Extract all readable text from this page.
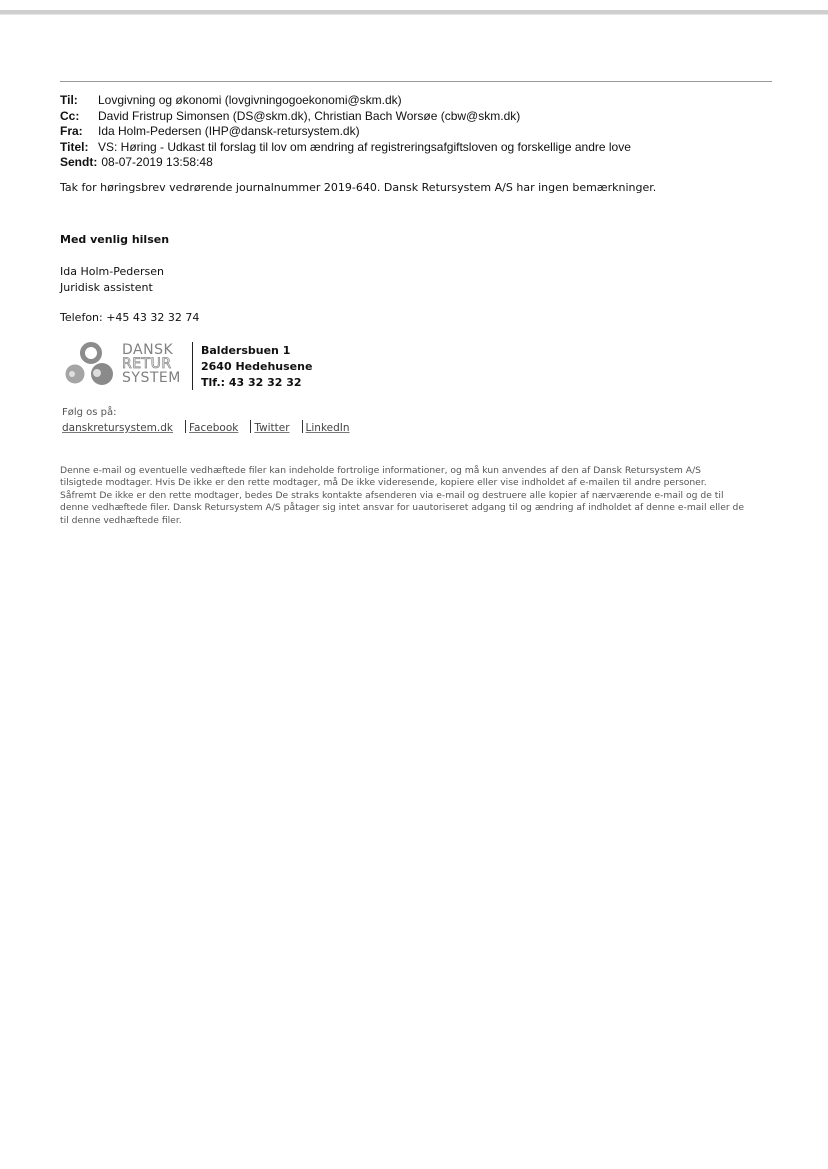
Til: Lovgivning og økonomi (lovgivningogoekonomi@skm.dk)
Cc: David Fristrup Simonsen (DS@skm.dk), Christian Bach Worsøe (cbw@skm.dk)
Fra: Ida Holm-Pedersen (IHP@dansk-retursystem.dk)
Titel: VS: Høring - Udkast til forslag til lov om ændring af registreringsafgiftsloven og forskellige andre love
Sendt: 08-07-2019 13:58:48
Tak for høringsbrev vedrørende journalnummer 2019-640. Dansk Retursystem A/S har ingen bemærkninger.
Med venlig hilsen
Ida Holm-Pedersen
Juridisk assistent
Telefon: +45 43 32 32 74
DANSK
RETUR
SYSTEM
Baldersbuen 1
2640 Hedehusene
Tlf.: 43 32 32 32
Følg os på:
danskretursystem.dk Facebook Twitter LinkedIn
Denne e-mail og eventuelle vedhæftede filer kan indeholde fortrolige informationer, og må kun anvendes af den af Dansk Retursystem A/S
tilsigtede modtager. Hvis De ikke er den rette modtager, må De ikke videresende, kopiere eller vise indholdet af e-mailen til andre personer.
Såfremt De ikke er den rette modtager, bedes De straks kontakte afsenderen via e-mail og destruere alle kopier af nærværende e-mail og de til
denne vedhæftede filer. Dansk Retursystem A/S påtager sig intet ansvar for uautoriseret adgang til og ændring af indholdet af denne e-mail eller de
til denne vedhæftede filer.
